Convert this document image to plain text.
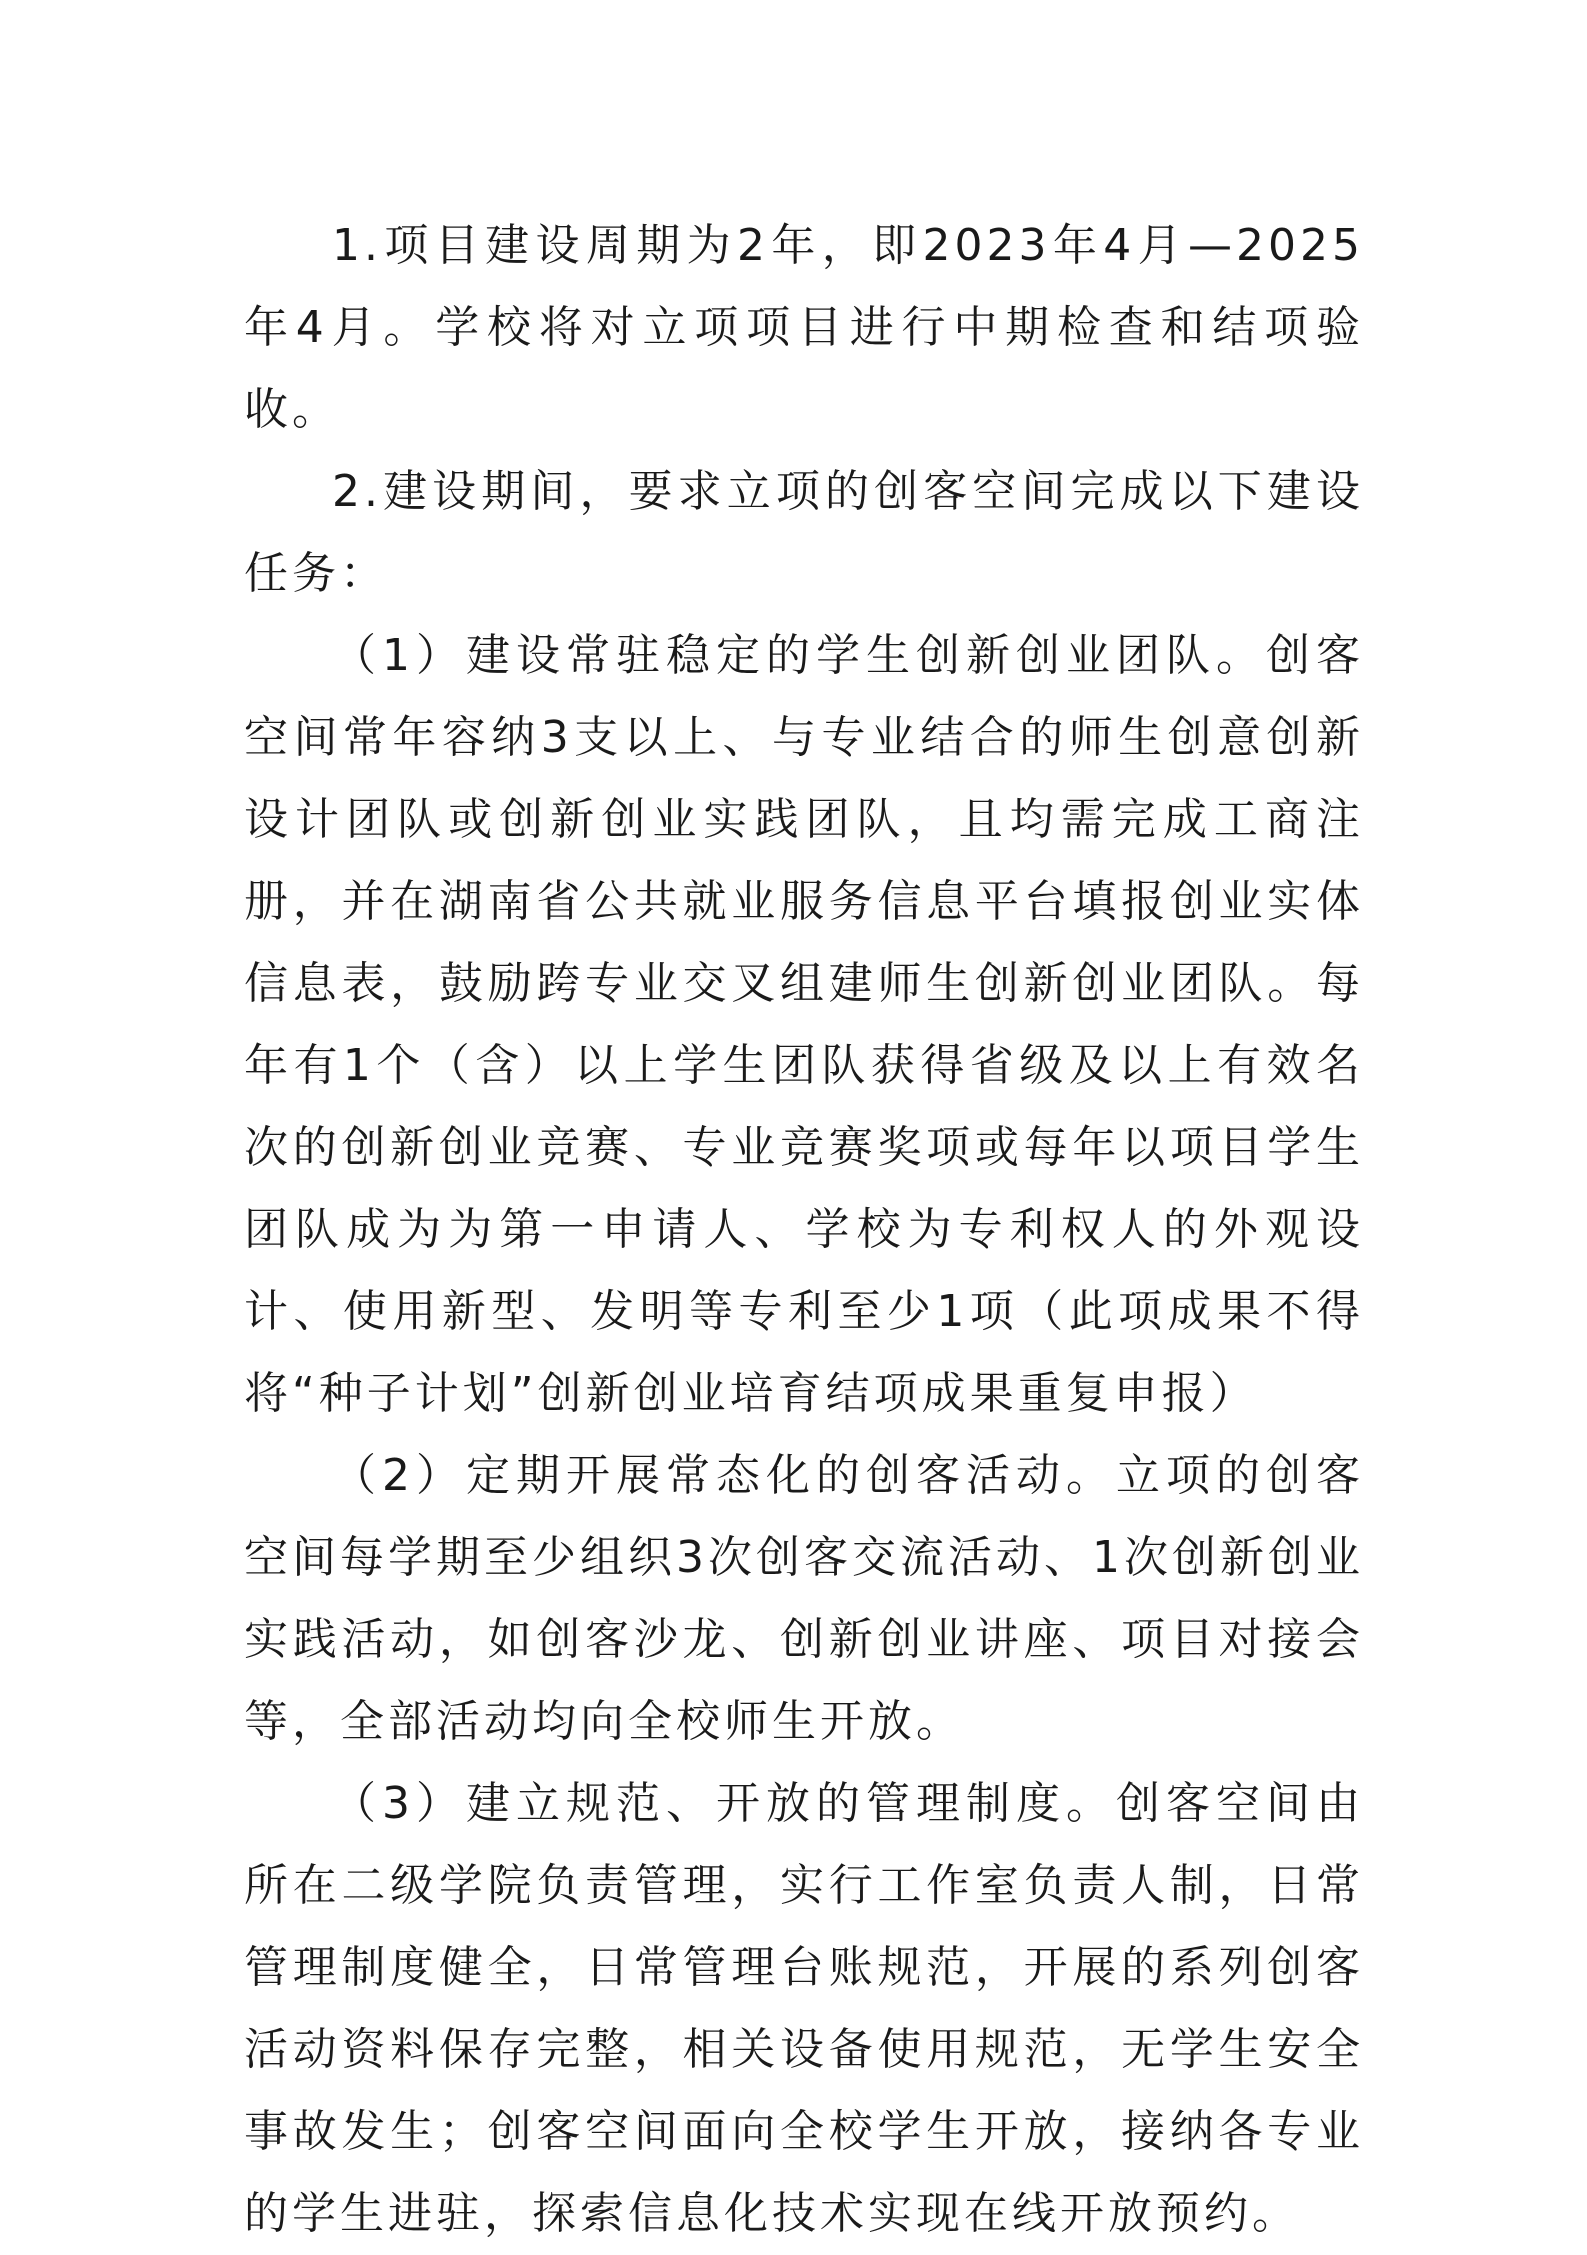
1.项目建设周期为2年，即2023年4月—2025年4月。学校将对立项项目进行中期检查和结项验收。

2.建设期间，要求立项的创客空间完成以下建设任务：

（1）建设常驻稳定的学生创新创业团队。创客空间常年容纳3支以上、与专业结合的师生创意创新设计团队或创新创业实践团队，且均需完成工商注册，并在湖南省公共就业服务信息平台填报创业实体信息表，鼓励跨专业交叉组建师生创新创业团队。每年有1个（含）以上学生团队获得省级及以上有效名次的创新创业竞赛、专业竞赛奖项或每年以项目学生团队成为为第一申请人、学校为专利权人的外观设计、使用新型、发明等专利至少1项（此项成果不得将“种子计划”创新创业培育结项成果重复申报）

（2）定期开展常态化的创客活动。立项的创客空间每学期至少组织3次创客交流活动、1次创新创业实践活动，如创客沙龙、创新创业讲座、项目对接会等，全部活动均向全校师生开放。

（3）建立规范、开放的管理制度。创客空间由所在二级学院负责管理，实行工作室负责人制，日常管理制度健全，日常管理台账规范，开展的系列创客活动资料保存完整，相关设备使用规范，无学生安全事故发生；创客空间面向全校学生开放，接纳各专业的学生进驻，探索信息化技术实现在线开放预约。
